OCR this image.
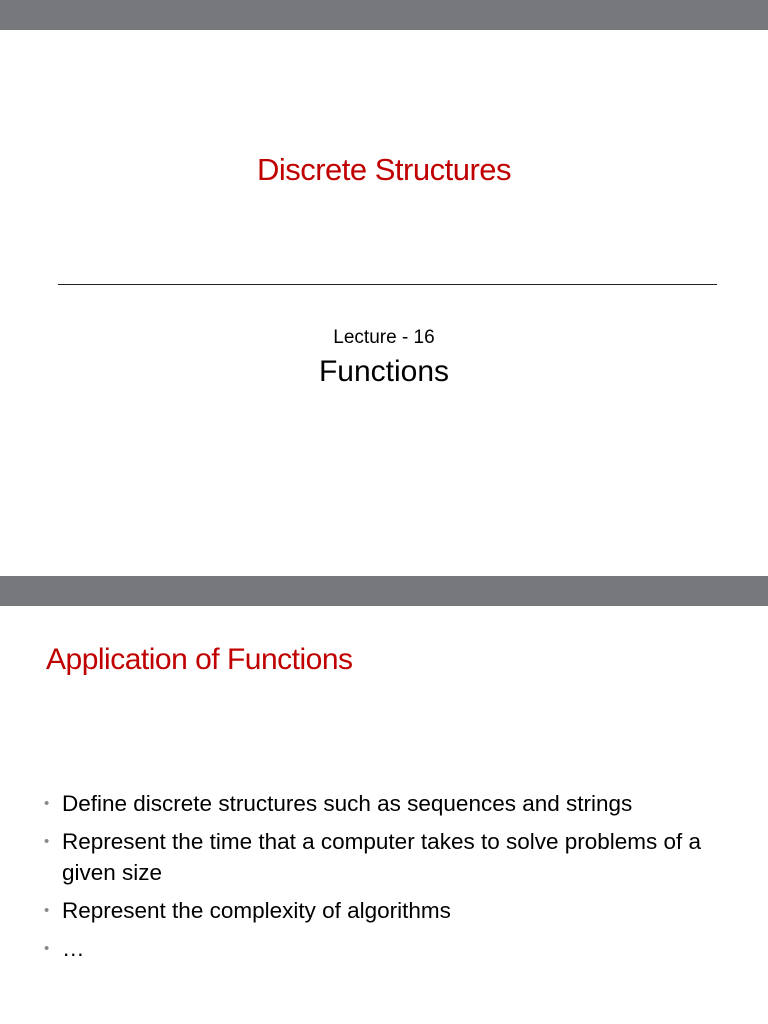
Discrete Structures
Lecture - 16
Functions
Application of Functions
• Define discrete structures such as sequences and strings
• Represent the time that a computer takes to solve problems of a given size
• Represent the complexity of algorithms
• …
